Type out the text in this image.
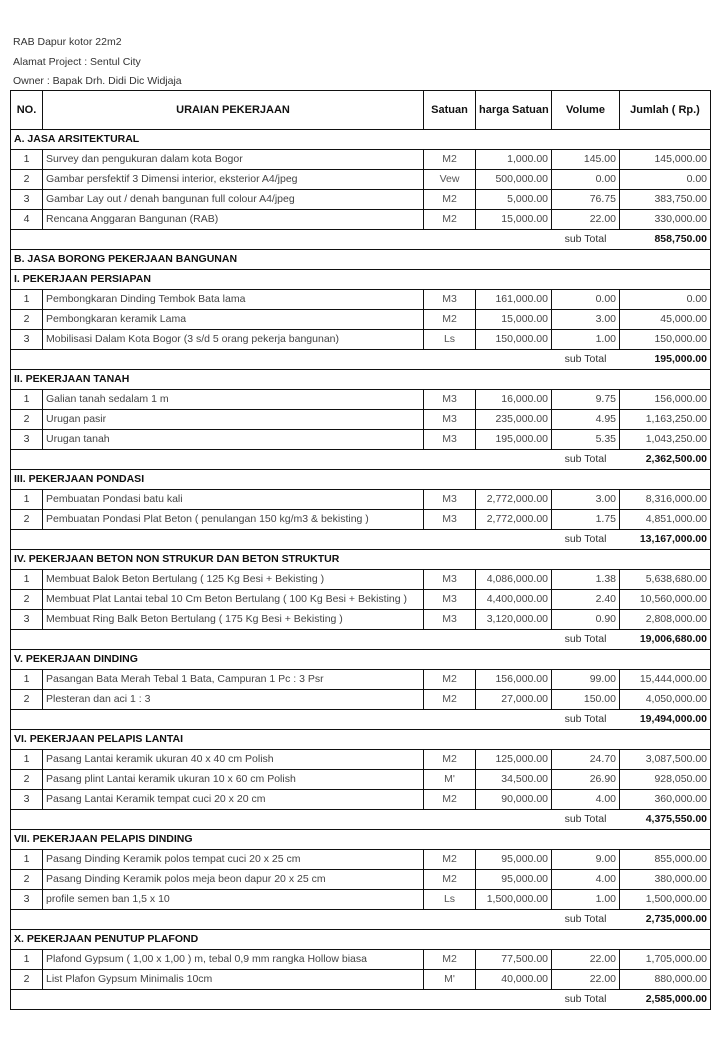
RAB Dapur kotor 22m2
Alamat Project : Sentul City
Owner : Bapak Drh. Didi Dic Widjaja
NO.	URAIAN PEKERJAAN	Satuan	harga Satuan	Volume	Jumlah ( Rp.)
A. JASA ARSITEKTURAL					
1	Survey dan pengukuran dalam kota Bogor	M2	1,000.00	145.00	145,000.00
2	Gambar persfektif 3 Dimensi interior, eksterior A4/jpeg	Vew	500,000.00	0.00	0.00
3	Gambar Lay out / denah bangunan full colour A4/jpeg	M2	5,000.00	76.75	383,750.00
4	Rencana Anggaran Bangunan (RAB)	M2	15,000.00	22.00	330,000.00
				sub Total	858,750.00
B. JASA BORONG PEKERJAAN BANGUNAN					
I. PEKERJAAN PERSIAPAN					
1	Pembongkaran Dinding Tembok Bata lama	M3	161,000.00	0.00	0.00
2	Pembongkaran keramik Lama	M2	15,000.00	3.00	45,000.00
3	Mobilisasi Dalam Kota Bogor (3 s/d 5 orang pekerja bangunan)	Ls	150,000.00	1.00	150,000.00
				sub Total	195,000.00
II. PEKERJAAN TANAH					
1	Galian tanah sedalam 1 m	M3	16,000.00	9.75	156,000.00
2	Urugan pasir	M3	235,000.00	4.95	1,163,250.00
3	Urugan tanah	M3	195,000.00	5.35	1,043,250.00
				sub Total	2,362,500.00
III. PEKERJAAN PONDASI					
1	Pembuatan Pondasi batu kali	M3	2,772,000.00	3.00	8,316,000.00
2	Pembuatan Pondasi Plat Beton ( penulangan 150 kg/m3 & bekisting )	M3	2,772,000.00	1.75	4,851,000.00
				sub Total	13,167,000.00
IV. PEKERJAAN BETON NON STRUKUR DAN BETON STRUKTUR					
1	Membuat Balok Beton Bertulang ( 125 Kg Besi + Bekisting )	M3	4,086,000.00	1.38	5,638,680.00
2	Membuat Plat Lantai tebal 10 Cm Beton Bertulang ( 100 Kg Besi + Bekisting )	M3	4,400,000.00	2.40	10,560,000.00
3	Membuat Ring Balk Beton Bertulang ( 175 Kg Besi + Bekisting )	M3	3,120,000.00	0.90	2,808,000.00
				sub Total	19,006,680.00
V. PEKERJAAN DINDING					
1	Pasangan Bata Merah Tebal 1 Bata, Campuran 1 Pc : 3 Psr	M2	156,000.00	99.00	15,444,000.00
2	Plesteran dan aci 1 : 3	M2	27,000.00	150.00	4,050,000.00
				sub Total	19,494,000.00
VI. PEKERJAAN PELAPIS LANTAI					
1	Pasang Lantai keramik ukuran 40 x 40 cm Polish	M2	125,000.00	24.70	3,087,500.00
2	Pasang plint Lantai keramik ukuran 10 x 60 cm Polish	M'	34,500.00	26.90	928,050.00
3	Pasang Lantai Keramik tempat cuci 20 x 20 cm	M2	90,000.00	4.00	360,000.00
				sub Total	4,375,550.00
VII. PEKERJAAN PELAPIS DINDING					
1	Pasang Dinding Keramik polos tempat cuci 20 x 25 cm	M2	95,000.00	9.00	855,000.00
2	Pasang Dinding Keramik polos meja beon dapur 20 x 25 cm	M2	95,000.00	4.00	380,000.00
3	profile semen ban 1,5 x 10	Ls	1,500,000.00	1.00	1,500,000.00
				sub Total	2,735,000.00
X. PEKERJAAN PENUTUP PLAFOND					
1	Plafond Gypsum ( 1,00 x 1,00 ) m, tebal 0,9 mm rangka Hollow biasa	M2	77,500.00	22.00	1,705,000.00
2	List Plafon Gypsum Minimalis 10cm	M'	40,000.00	22.00	880,000.00
				sub Total	2,585,000.00
